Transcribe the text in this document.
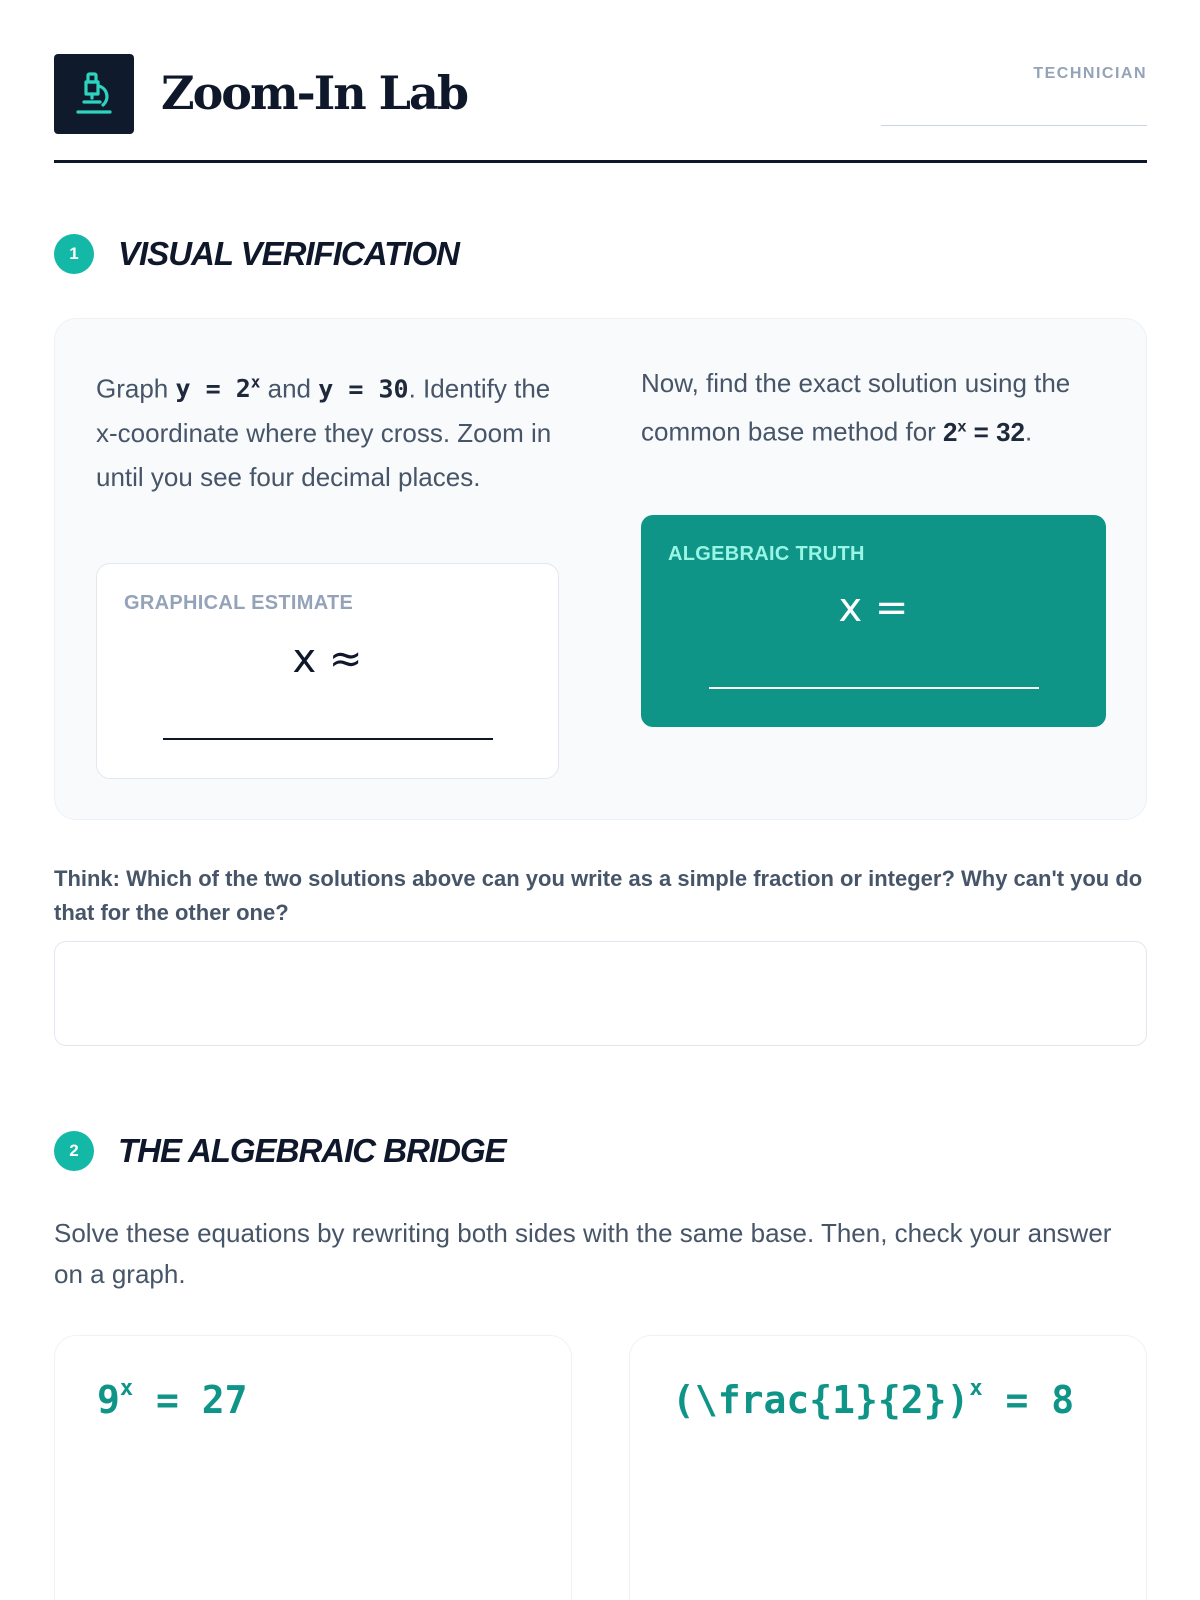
Zoom-In Lab	TECHNICIAN
1	VISUAL VERIFICATION
Graph $y = 2^x$ and y = 30. Identify the x-coordinate where they cross. Zoom in until you see four decimal places.
Now, find the exact solution using the common base method for $2^x = 32$.
GRAPHICAL ESTIMATE
x ≈
ALGEBRAIC TRUTH
x =
Think: Which of the two solutions above can you write as a simple fraction or integer? Why can't you do that for the other one?
2	THE ALGEBRAIC BRIDGE
Solve these equations by rewriting both sides with the same base. Then, check your answer on a graph.
$9^x = 27$	(\frac{1}{2})$^x$ = 8
